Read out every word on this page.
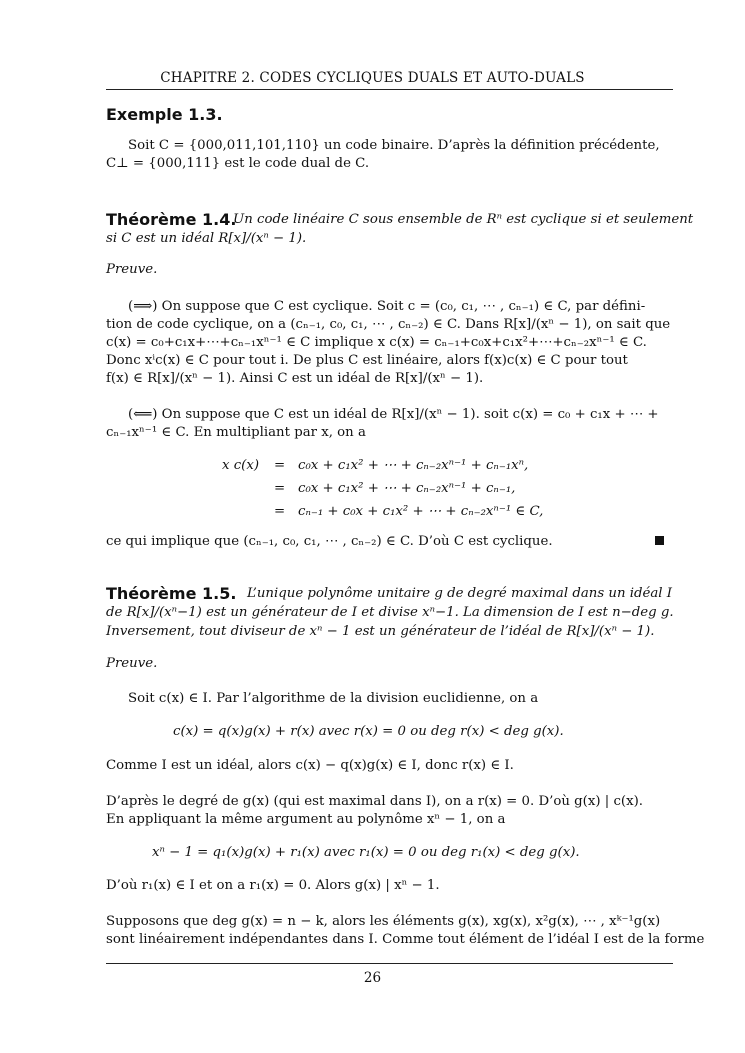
CHAPITRE 2. CODES CYCLIQUES DUALS ET AUTO-DUALS
Exemple 1.3.
Soit C = {000,011,101,110} un code binaire. D’après la définition précédente,
C⊥ = {000,111} est le code dual de C.
Théorème 1.4.
Un code linéaire C sous ensemble de Rⁿ est cyclique si et seulement
si C est un idéal R[x]/(xⁿ − 1).
Preuve.
(⟹) On suppose que C est cyclique. Soit c = (c₀, c₁, ⋯ , cₙ₋₁) ∈ C, par défini-
tion de code cyclique, on a (cₙ₋₁, c₀, c₁, ⋯ , cₙ₋₂) ∈ C. Dans R[x]/(xⁿ − 1), on sait que
c(x) = c₀+c₁x+⋯+cₙ₋₁xⁿ⁻¹ ∈ C implique x c(x) = cₙ₋₁+c₀x+c₁x²+⋯+cₙ₋₂xⁿ⁻¹ ∈ C.
Donc xⁱc(x) ∈ C pour tout i. De plus C est linéaire, alors f(x)c(x) ∈ C pour tout
f(x) ∈ R[x]/(xⁿ − 1). Ainsi C est un idéal de R[x]/(xⁿ − 1).
(⟸) On suppose que C est un idéal de R[x]/(xⁿ − 1). soit c(x) = c₀ + c₁x + ⋯ +
cₙ₋₁xⁿ⁻¹ ∈ C. En multipliant par x, on a
x c(x) = c₀x + c₁x² + ⋯ + cₙ₋₂xⁿ⁻¹ + cₙ₋₁xⁿ,
= c₀x + c₁x² + ⋯ + cₙ₋₂xⁿ⁻¹ + cₙ₋₁,
= cₙ₋₁ + c₀x + c₁x² + ⋯ + cₙ₋₂xⁿ⁻¹ ∈ C,
ce qui implique que (cₙ₋₁, c₀, c₁, ⋯ , cₙ₋₂) ∈ C. D’où C est cyclique.
Théorème 1.5. L’unique polynôme unitaire g de degré maximal dans un idéal I
de R[x]/(xⁿ−1) est un générateur de I et divise xⁿ−1. La dimension de I est n−deg g.
Inversement, tout diviseur de xⁿ − 1 est un générateur de l’idéal de R[x]/(xⁿ − 1).
Preuve.
Soit c(x) ∈ I. Par l’algorithme de la division euclidienne, on a
c(x) = q(x)g(x) + r(x) avec r(x) = 0 ou deg r(x) < deg g(x).
Comme I est un idéal, alors c(x) − q(x)g(x) ∈ I, donc r(x) ∈ I.
D’après le degré de g(x) (qui est maximal dans I), on a r(x) = 0. D’où g(x) | c(x).
En appliquant la même argument au polynôme xⁿ − 1, on a
xⁿ − 1 = q₁(x)g(x) + r₁(x) avec r₁(x) = 0 ou deg r₁(x) < deg g(x).
D’où r₁(x) ∈ I et on a r₁(x) = 0. Alors g(x) | xⁿ − 1.
Supposons que deg g(x) = n − k, alors les éléments g(x), xg(x), x²g(x), ⋯ , xᵏ⁻¹g(x)
sont linéairement indépendantes dans I. Comme tout élément de l’idéal I est de la forme
26
